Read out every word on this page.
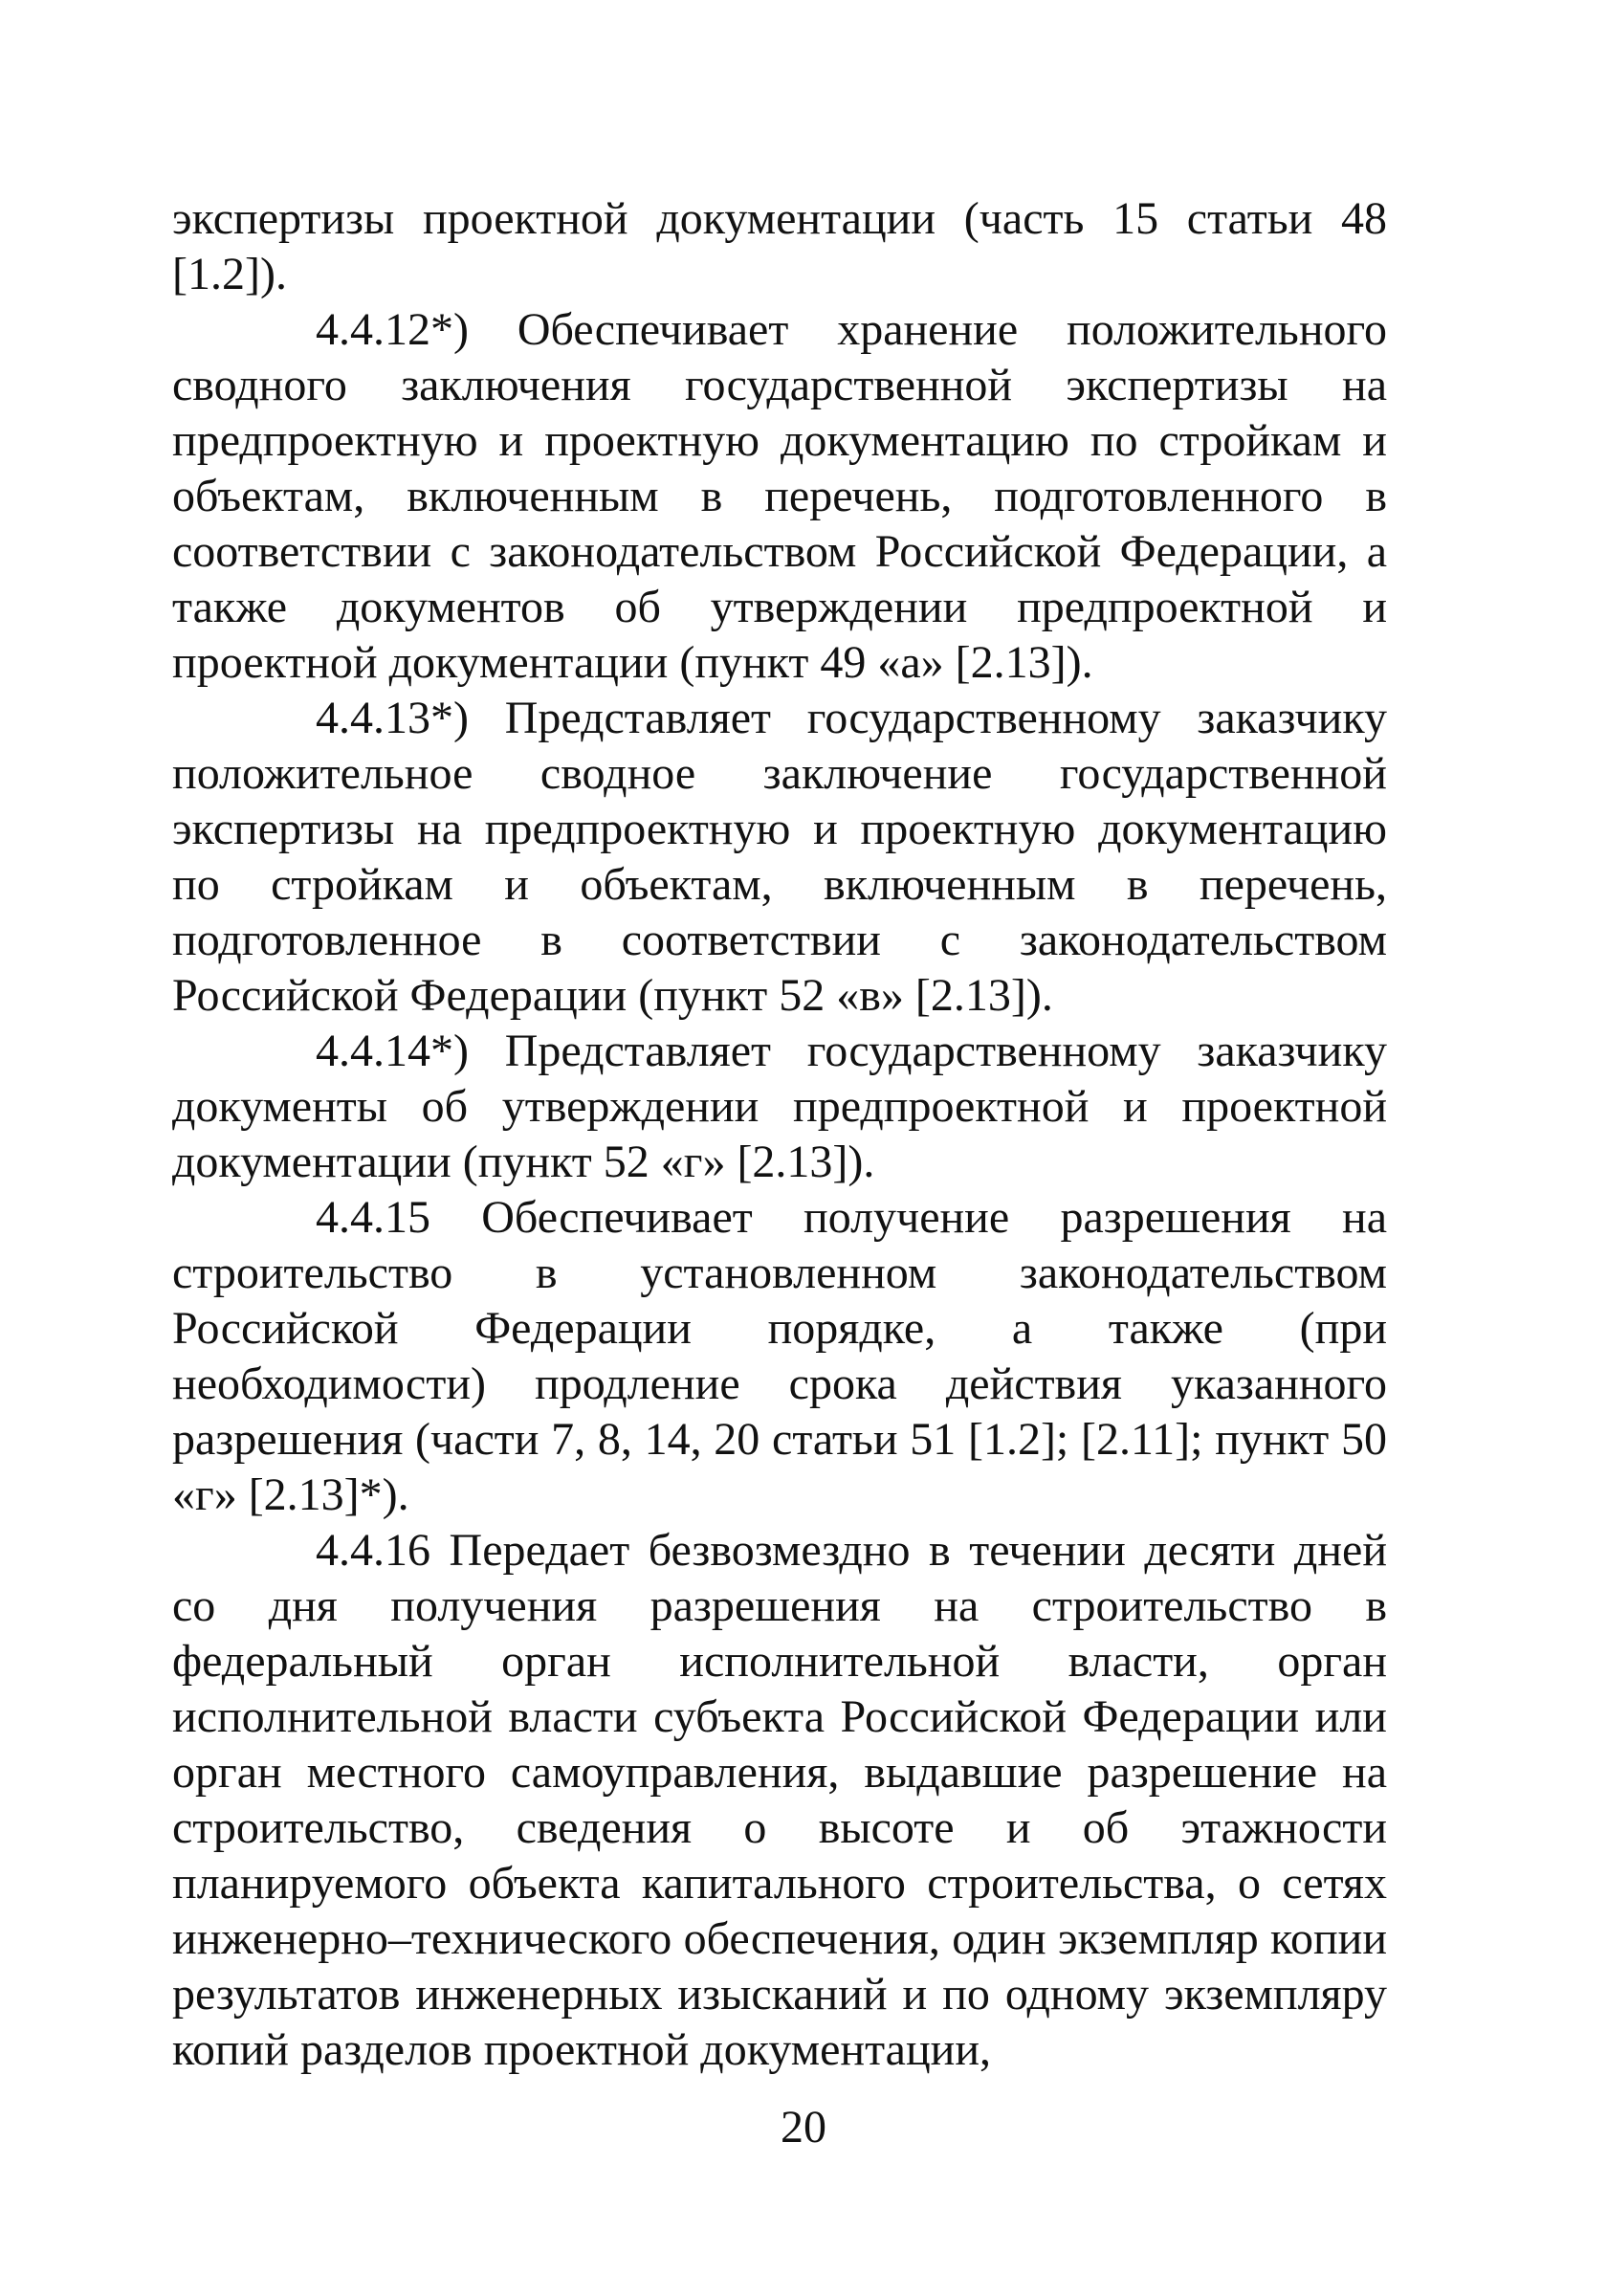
экспертизы проектной документации (часть 15 статьи 48 [1.2]).

4.4.12*) Обеспечивает хранение положительного сводного заключения государственной экспертизы на предпроектную и проектную документацию по стройкам и объектам, включенным в перечень, подготовленного в соответствии с законодательством Российской Федерации, а также документов об утверждении предпроектной и проектной документации (пункт 49 «а» [2.13]).

4.4.13*) Представляет государственному заказчику положительное сводное заключение государственной экспертизы на предпроектную и проектную документацию по стройкам и объектам, включенным в перечень, подготовленное в соответствии с законодательством Российской Федерации (пункт 52 «в» [2.13]).

4.4.14*) Представляет государственному заказчику документы об утверждении предпроектной и проектной документации (пункт 52 «г» [2.13]).

4.4.15 Обеспечивает получение разрешения на строительство в установленном законодательством Российской Федерации порядке, а также (при необходимости) продление срока действия указанного разрешения (части 7, 8, 14, 20 статьи 51 [1.2]; [2.11]; пункт 50 «г» [2.13]*).

4.4.16 Передает безвозмездно в течении десяти дней со дня получения разрешения на строительство в федеральный орган исполнительной власти, орган исполнительной власти субъекта Российской Федерации или орган местного самоуправления, выдавшие разрешение на строительство, сведения о высоте и об этажности планируемого объекта капитального строительства, о сетях инженерно–технического обеспечения, один экземпляр копии результатов инженерных изысканий и по одному экземпляру копий разделов проектной документации,

20
